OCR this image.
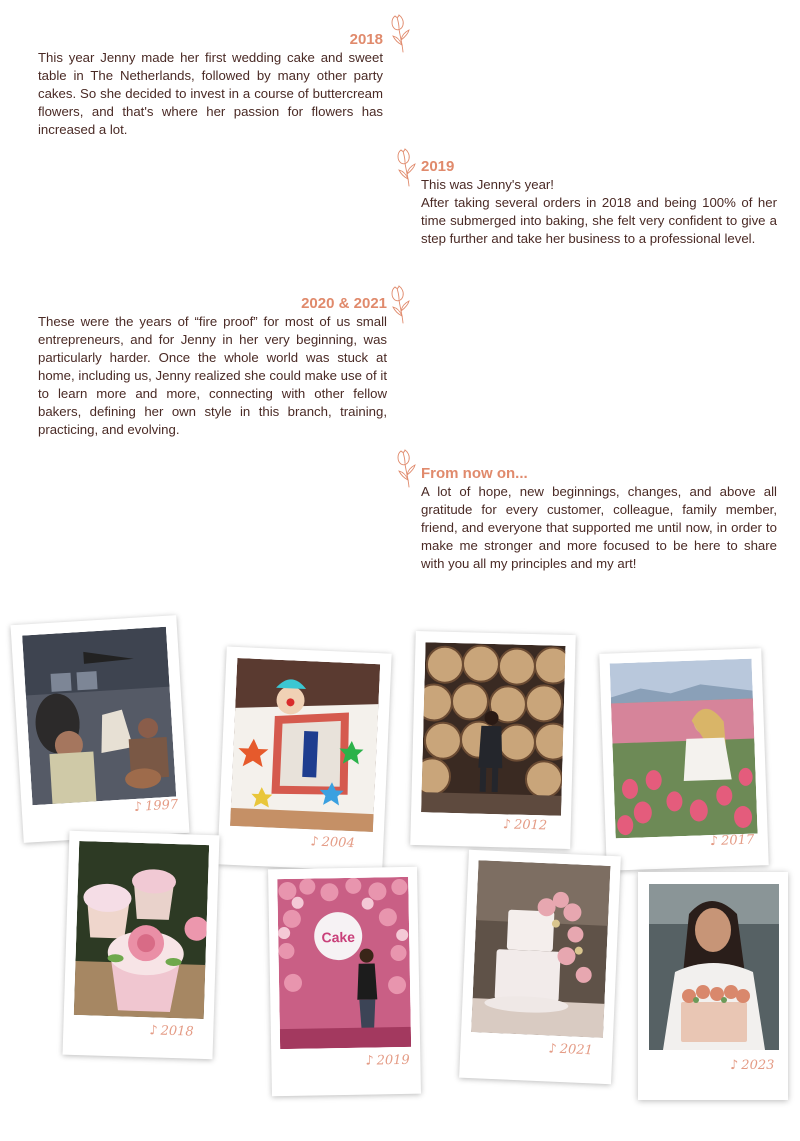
2018

This year Jenny made her first wedding cake and sweet table in The Netherlands, followed by many other party cakes. So she decided to invest in a course of buttercream flowers, and that's where her passion for flowers has increased a lot.

2019

This was Jenny's year!

After taking several orders in 2018 and being 100% of her time submerged into baking, she felt very confident to give a step further and take her business to a professional level.

2020 & 2021

These were the years of “fire proof” for most of us small entrepreneurs, and for Jenny in her very beginning, was particularly harder. Once the whole world was stuck at home, including us, Jenny realized she could make use of it to learn more and more, connecting with other fellow bakers, defining her own style in this branch, training, practicing, and evolving.

From now on...

A lot of hope, new beginnings, changes, and above all gratitude for every customer, colleague, family member, friend, and everyone that supported me until now, in order to make me stronger and more focused to be here to share with you all my principles and my art!

♪ 1997
♪ 2004
♪ 2012
♪ 2017
♪ 2018
Cake
♪ 2019
♪ 2021
♪ 2023
